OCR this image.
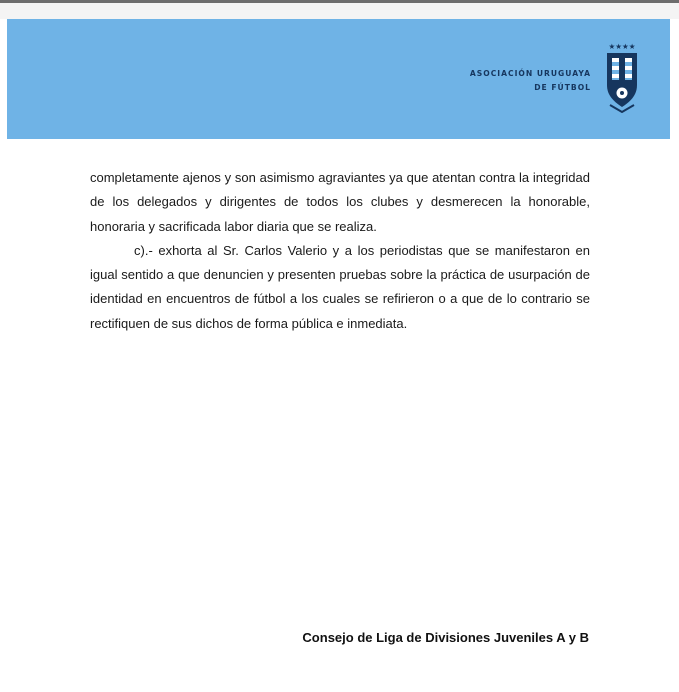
ASOCIACIÓN URUGUAYA
DE FÚTBOL
★★★★

completamente ajenos y son asimismo agraviantes ya que atentan contra la integridad de los delegados y dirigentes de todos los clubes y desmerecen la honorable, honoraria y sacrificada labor diaria que se realiza.

c).- exhorta al Sr. Carlos Valerio y a los periodistas que se manifestaron en igual sentido a que denuncien y presenten pruebas sobre la práctica de usurpación de identidad en encuentros de fútbol a los cuales se refirieron o a que de lo contrario se rectifiquen de sus dichos de forma pública e inmediata.

Consejo de Liga de Divisiones Juveniles A y B
